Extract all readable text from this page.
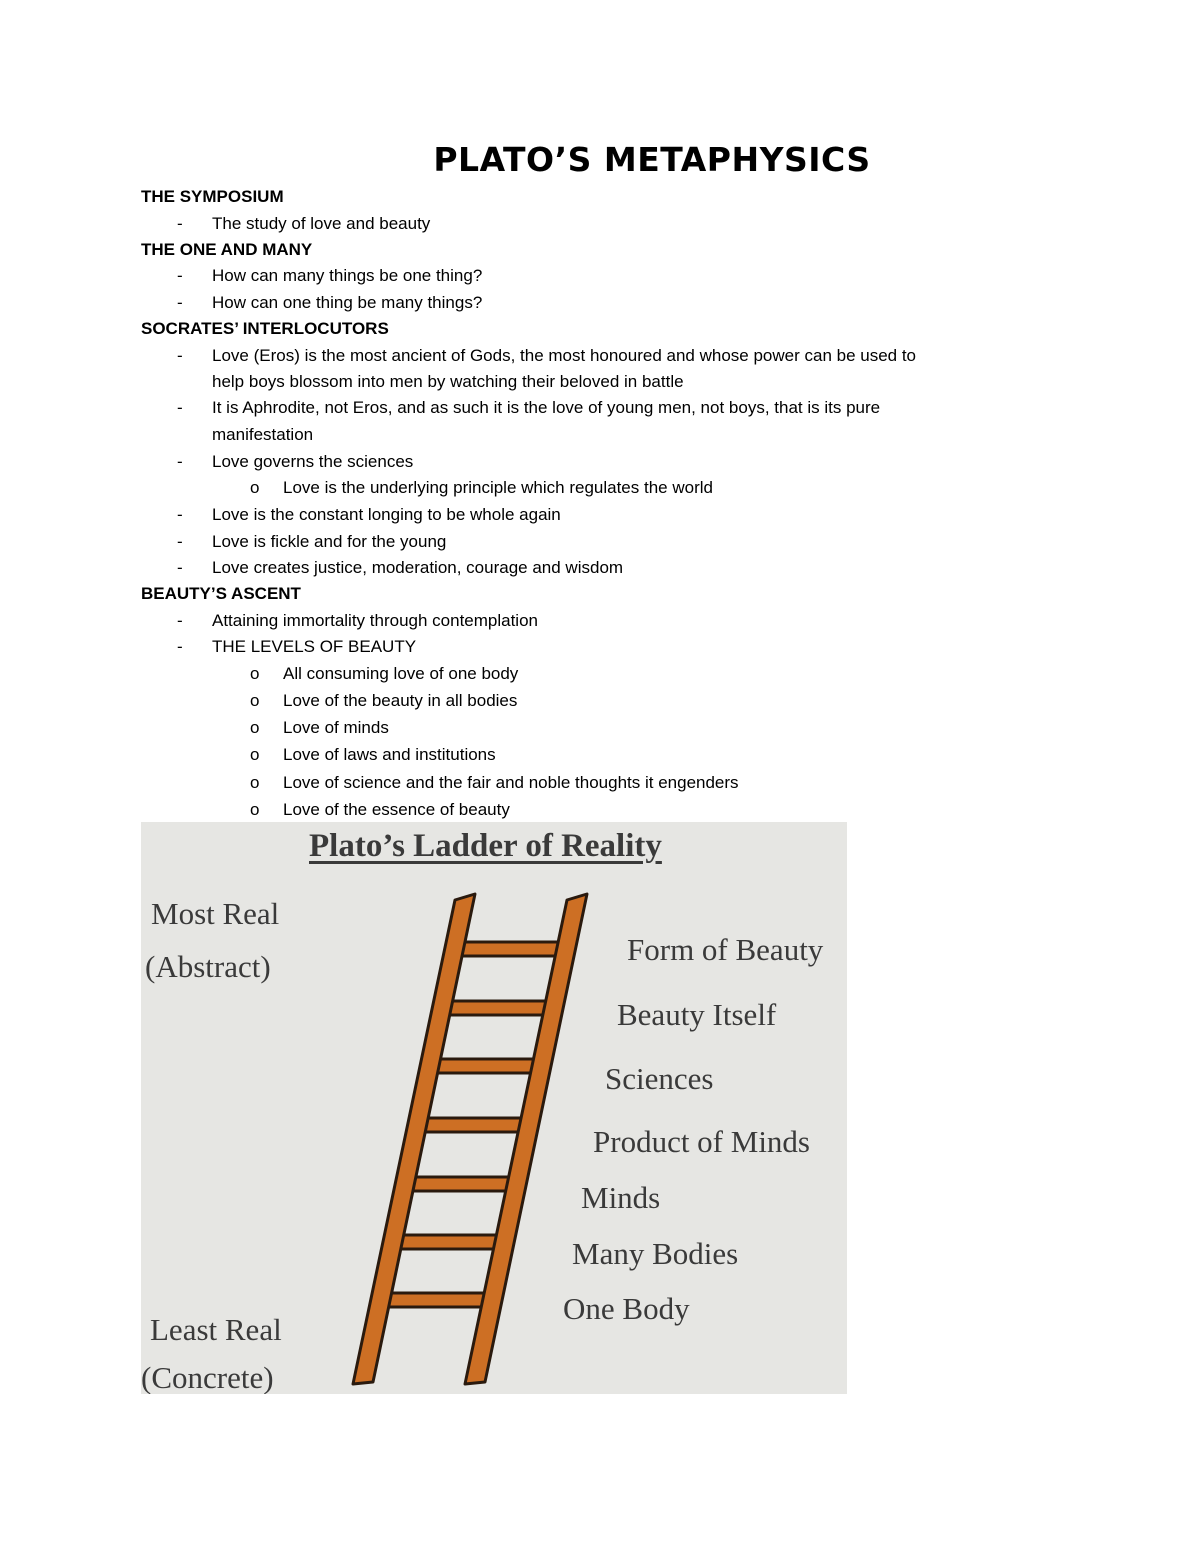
PLATO’S METAPHYSICS
THE SYMPOSIUM
- The study of love and beauty
THE ONE AND MANY
- How can many things be one thing?
- How can one thing be many things?
SOCRATES’ INTERLOCUTORS
- Love (Eros) is the most ancient of Gods, the most honoured and whose power can be used to
help boys blossom into men by watching their beloved in battle
- It is Aphrodite, not Eros, and as such it is the love of young men, not boys, that is its pure
manifestation
- Love governs the sciences
o Love is the underlying principle which regulates the world
- Love is the constant longing to be whole again
- Love is fickle and for the young
- Love creates justice, moderation, courage and wisdom
BEAUTY’S ASCENT
- Attaining immortality through contemplation
- THE LEVELS OF BEAUTY
o All consuming love of one body
o Love of the beauty in all bodies
o Love of minds
o Love of laws and institutions
o Love of science and the fair and noble thoughts it engenders
o Love of the essence of beauty
Plato’s Ladder of Reality
Most Real
(Abstract)
Least Real
(Concrete)
Form of Beauty
Beauty Itself
Sciences
Product of Minds
Minds
Many Bodies
One Body
